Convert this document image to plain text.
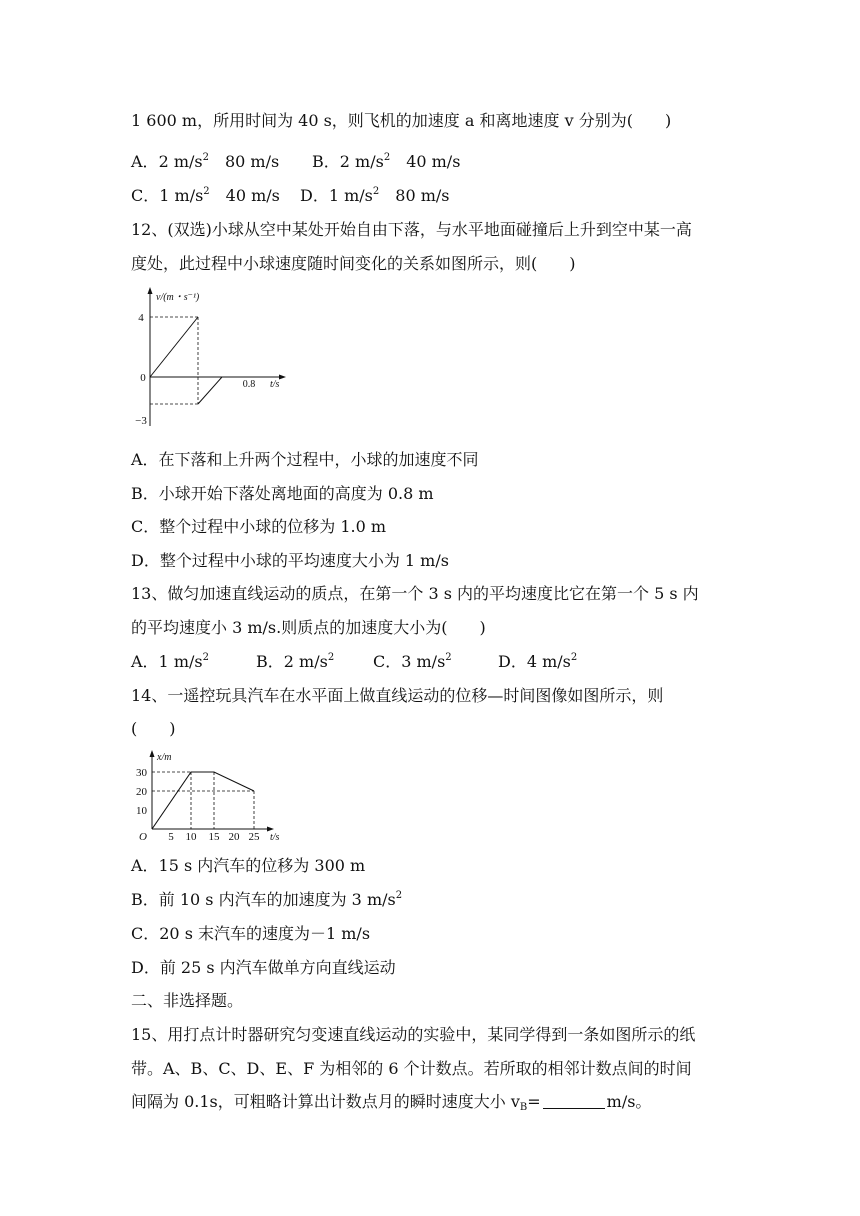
1 600 m，所用时间为 40 s，则飞机的加速度 a 和离地速度 v 分别为(　　)
A．2 $m/s^2$　80 m/s B．2 $m/s^2$　40 m/s
C．1 $m/s^2$　40 m/s D．1 $m/s^2$　80 m/s
12、(双选)小球从空中某处开始自由下落，与水平地面碰撞后上升到空中某一高
度处，此过程中小球速度随时间变化的关系如图所示，则(　　)
v/(m・s⁻¹)
4
0
−3
0.8 t/s
A．在下落和上升两个过程中，小球的加速度不同
B．小球开始下落处离地面的高度为 0.8 m
C．整个过程中小球的位移为 1.0 m
D．整个过程中小球的平均速度大小为 1 m/s
13、做匀加速直线运动的质点，在第一个 3 s 内的平均速度比它在第一个 5 s 内
的平均速度小 3 m/s.则质点的加速度大小为(　　)
A．1 $m/s^2$	B．2 $m/s^2$ C．3 $m/s^2$	D．4 $m/s^2$
14、一遥控玩具汽车在水平面上做直线运动的位移—时间图像如图所示，则
(　　)
x/m
30
20
10
O 5 10 15 20 25 t/s
A．15 s 内汽车的位移为 300 m
B．前 10 s 内汽车的加速度为 3 $m/s^2$
C．20 s 末汽车的速度为－1 m/s
D．前 25 s 内汽车做单方向直线运动
二、非选择题。
15、用打点计时器研究匀变速直线运动的实验中，某同学得到一条如图所示的纸
带。A、B、C、D、E、F 为相邻的 6 个计数点。若所取的相邻计数点间的时间
间隔为 0.1s，可粗略计算出计数点月的瞬时速度大小 $v_B=$	m/s。
